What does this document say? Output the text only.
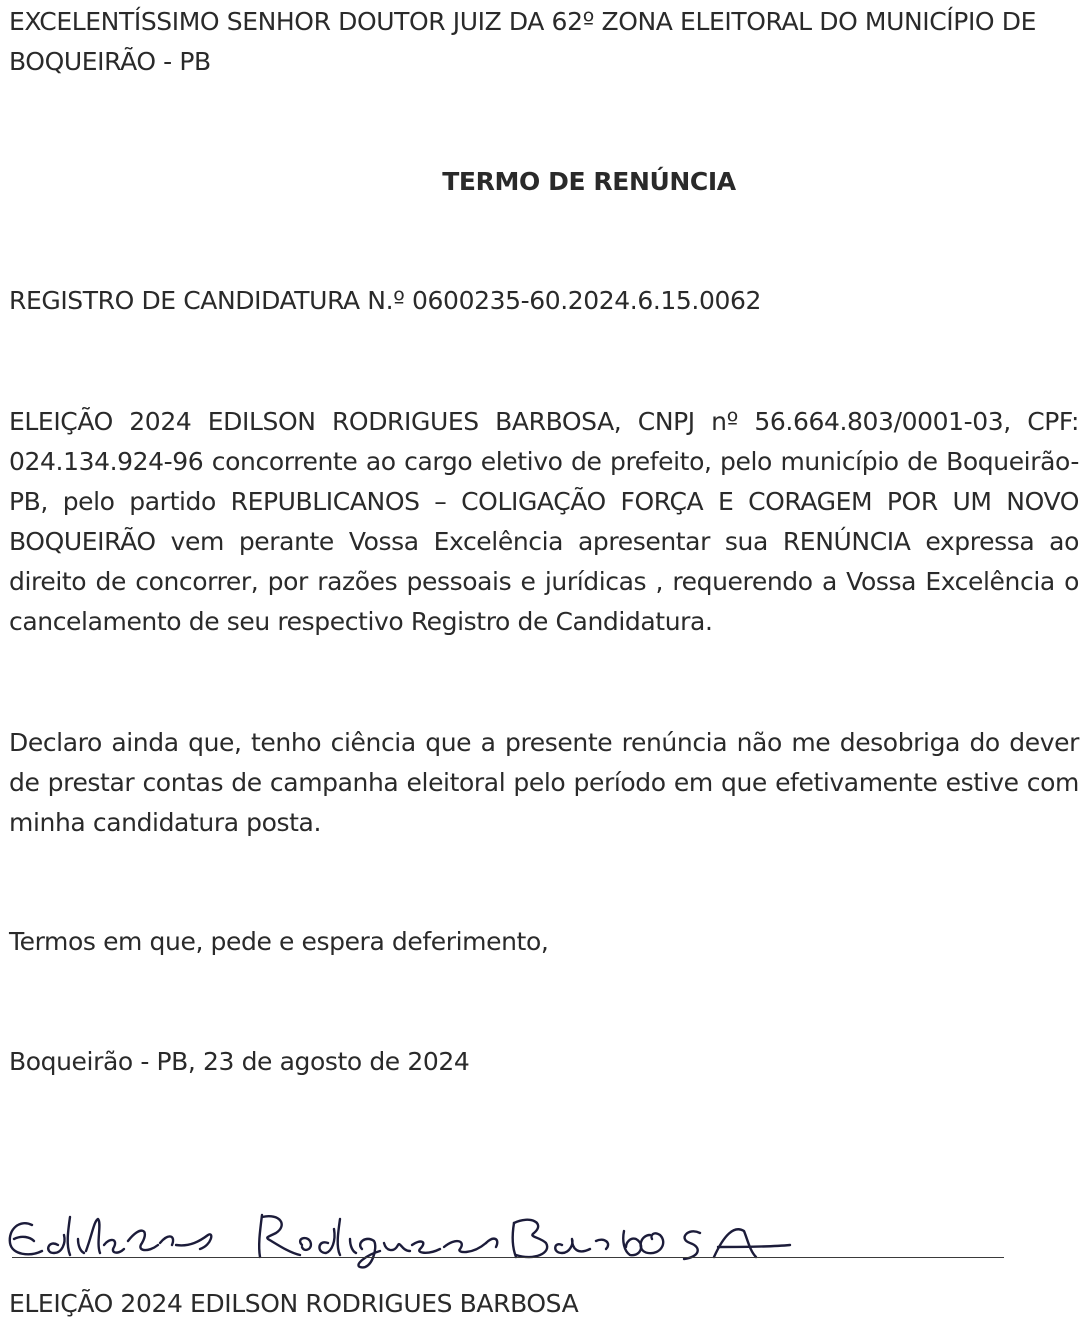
EXCELENTÍSSIMO SENHOR DOUTOR JUIZ DA 62º ZONA ELEITORAL DO MUNICÍPIO DE BOQUEIRÃO - PB
TERMO DE RENÚNCIA
REGISTRO DE CANDIDATURA N.º 0600235-60.2024.6.15.0062
ELEIÇÃO 2024 EDILSON RODRIGUES BARBOSA, CNPJ nº 56.664.803/0001-03, CPF: 024.134.924-96 concorrente ao cargo eletivo de prefeito, pelo município de Boqueirão-PB, pelo partido REPUBLICANOS – COLIGAÇÃO FORÇA E CORAGEM POR UM NOVO BOQUEIRÃO vem perante Vossa Excelência apresentar sua RENÚNCIA expressa ao direito de concorrer, por razões pessoais e jurídicas , requerendo a Vossa Excelência o cancelamento de seu respectivo Registro de Candidatura.
Declaro ainda que, tenho ciência que a presente renúncia não me desobriga do dever de prestar contas de campanha eleitoral pelo período em que efetivamente estive com minha candidatura posta.
Termos em que, pede e espera deferimento,
Boqueirão - PB, 23 de agosto de 2024
ELEIÇÃO 2024 EDILSON RODRIGUES BARBOSA
